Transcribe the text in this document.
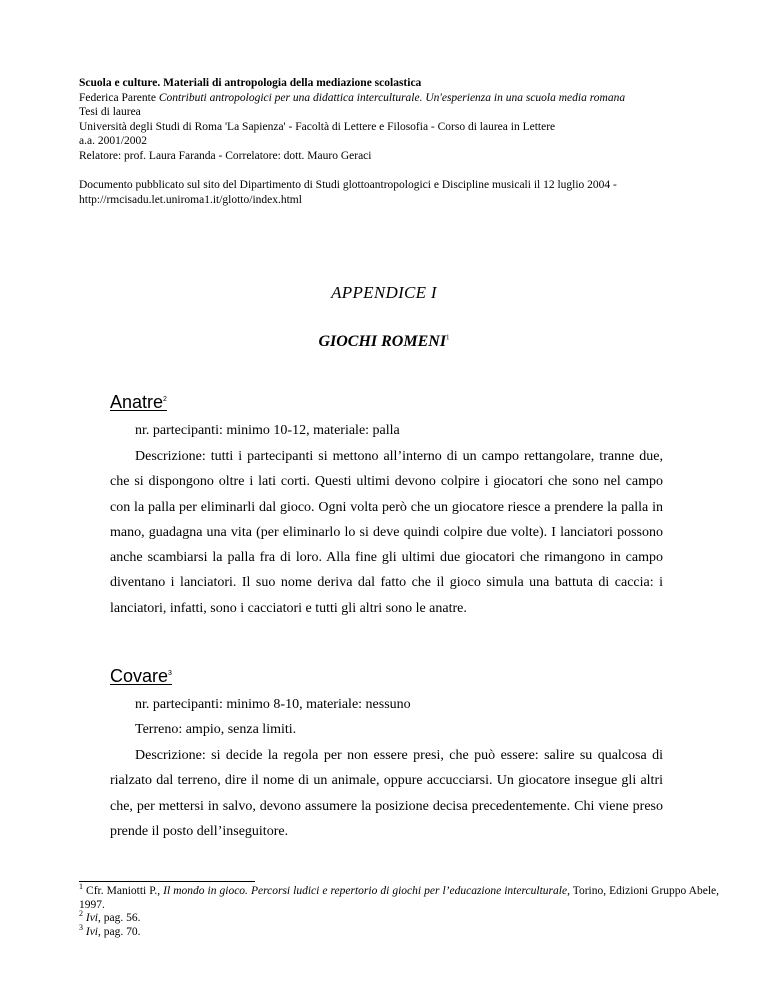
Scuola e culture. Materiali di antropologia della mediazione scolastica
Federica Parente Contributi antropologici per una didattica interculturale. Un'esperienza in una scuola media romana
Tesi di laurea
Università degli Studi di Roma 'La Sapienza' - Facoltà di Lettere e Filosofia - Corso di laurea in Lettere
a.a. 2001/2002
Relatore: prof. Laura Faranda - Correlatore: dott. Mauro Geraci
Documento pubblicato sul sito del Dipartimento di Studi glottoantropologici e Discipline musicali il 12 luglio 2004 -
http://rmcisadu.let.uniroma1.it/glotto/index.html
APPENDICE I
GIOCHI ROMENI$^1$
Anatre$^2$
nr. partecipanti: minimo 10-12, materiale: palla
Descrizione: tutti i partecipanti si mettono all’interno di un campo rettangolare, tranne due, che si dispongono oltre i lati corti. Questi ultimi devono colpire i giocatori che sono nel campo con la palla per eliminarli dal gioco. Ogni volta però che un giocatore riesce a prendere la palla in mano, guadagna una vita (per eliminarlo lo si deve quindi colpire due volte). I lanciatori possono anche scambiarsi la palla fra di loro. Alla fine gli ultimi due giocatori che rimangono in campo diventano i lanciatori. Il suo nome deriva dal fatto che il gioco simula una battuta di caccia: i lanciatori, infatti, sono i cacciatori e tutti gli altri sono le anatre.
Covare$^3$
nr. partecipanti: minimo 8-10, materiale: nessuno
Terreno: ampio, senza limiti.
Descrizione: si decide la regola per non essere presi, che può essere: salire su qualcosa di rialzato dal terreno, dire il nome di un animale, oppure accucciarsi. Un giocatore insegue gli altri che, per mettersi in salvo, devono assumere la posizione decisa precedentemente. Chi viene preso prende il posto dell’inseguitore.
$^1$ Cfr. Maniotti P., Il mondo in gioco. Percorsi ludici e repertorio di giochi per l’educazione interculturale, Torino, Edizioni Gruppo Abele, 1997.
$^2$ Ivi, pag. 56.
$^3$ Ivi, pag. 70.
